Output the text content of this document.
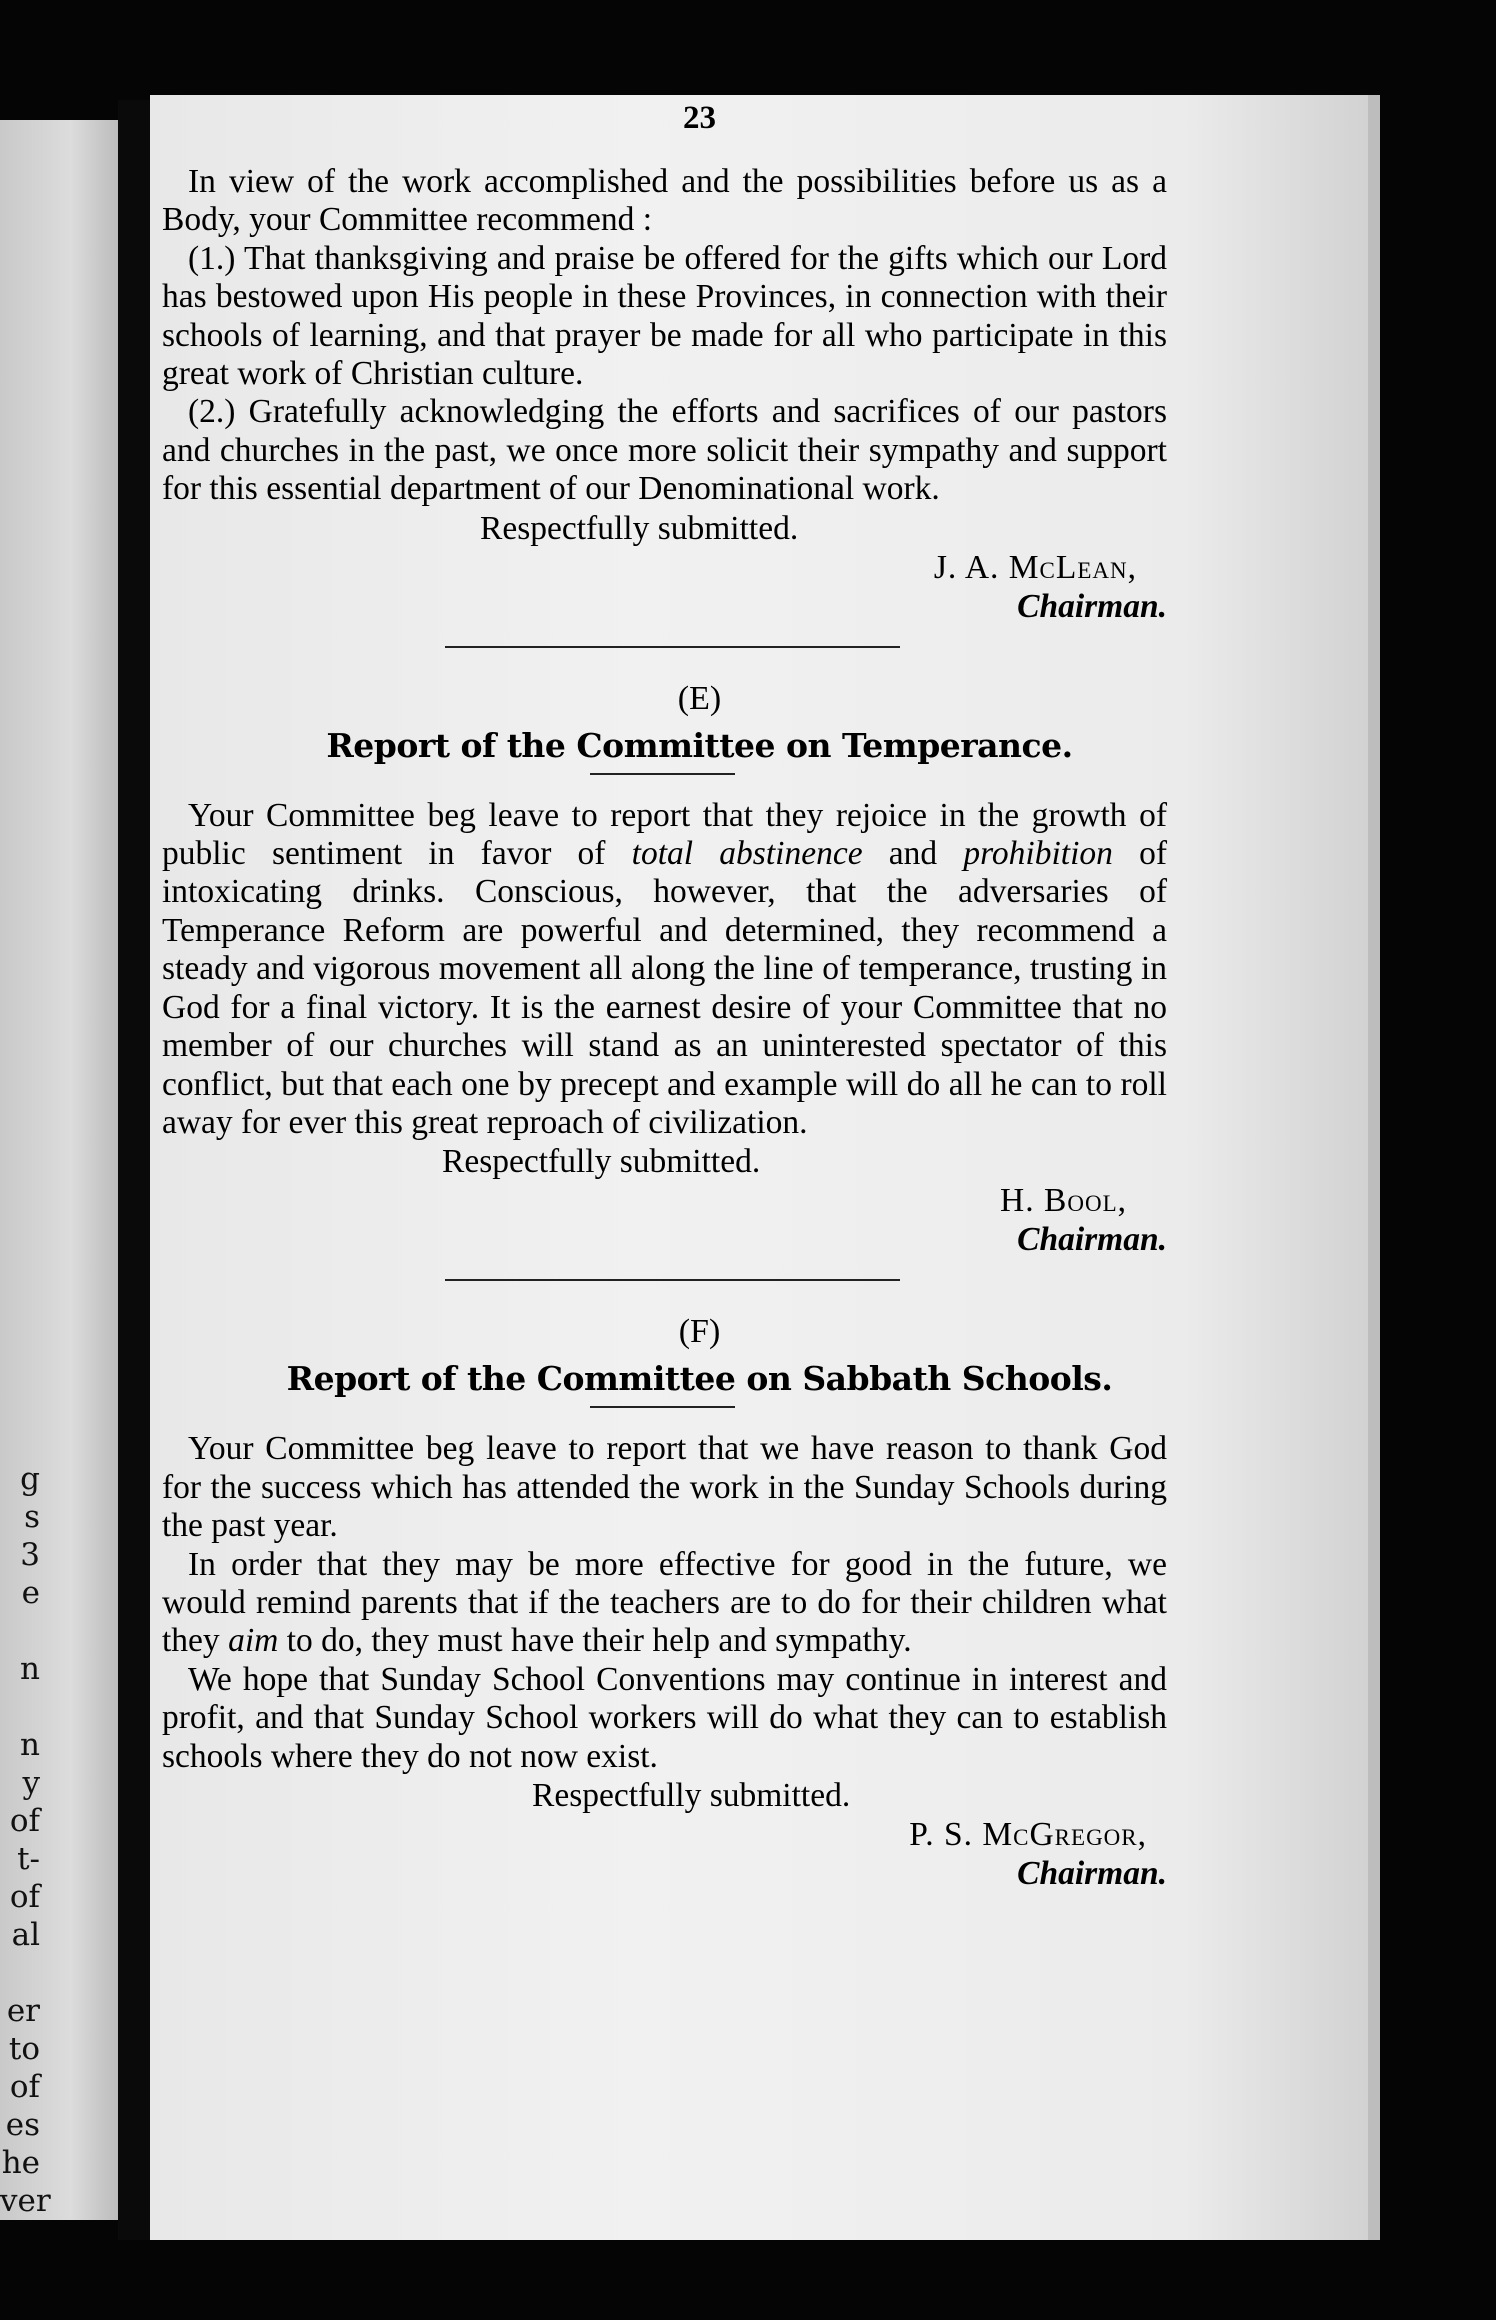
g
s
3
e
n
n
y
of
t-
of
al
er
to
of
es
he
ver
23

In view of the work accomplished and the possibilities before us as a Body, your Committee recommend :

(1.) That thanksgiving and praise be offered for the gifts which our Lord has bestowed upon His people in these Provinces, in connection with their schools of learning, and that prayer be made for all who participate in this great work of Christian culture.

(2.) Gratefully acknowledging the efforts and sacrifices of our pastors and churches in the past, we once more solicit their sympathy and support for this essential department of our Denominational work.

Respectfully submitted.
J. A. McLean,
Chairman.
(E)
Report of the Committee on Temperance.

Your Committee beg leave to report that they rejoice in the growth of public sentiment in favor of total abstinence and prohibition of intoxicating drinks. Conscious, however, that the adversaries of Temperance Reform are powerful and determined, they recommend a steady and vigorous movement all along the line of temperance, trusting in God for a final victory. It is the earnest desire of your Committee that no member of our churches will stand as an uninterested spectator of this conflict, but that each one by precept and example will do all he can to roll away for ever this great reproach of civilization.

Respectfully submitted.
H. Bool,
Chairman.
(F)
Report of the Committee on Sabbath Schools.

Your Committee beg leave to report that we have reason to thank God for the success which has attended the work in the Sunday Schools during the past year.

In order that they may be more effective for good in the future, we would remind parents that if the teachers are to do for their children what they aim to do, they must have their help and sympathy.

We hope that Sunday School Conventions may continue in interest and profit, and that Sunday School workers will do what they can to establish schools where they do not now exist.

Respectfully submitted.
P. S. McGregor,
Chairman.
